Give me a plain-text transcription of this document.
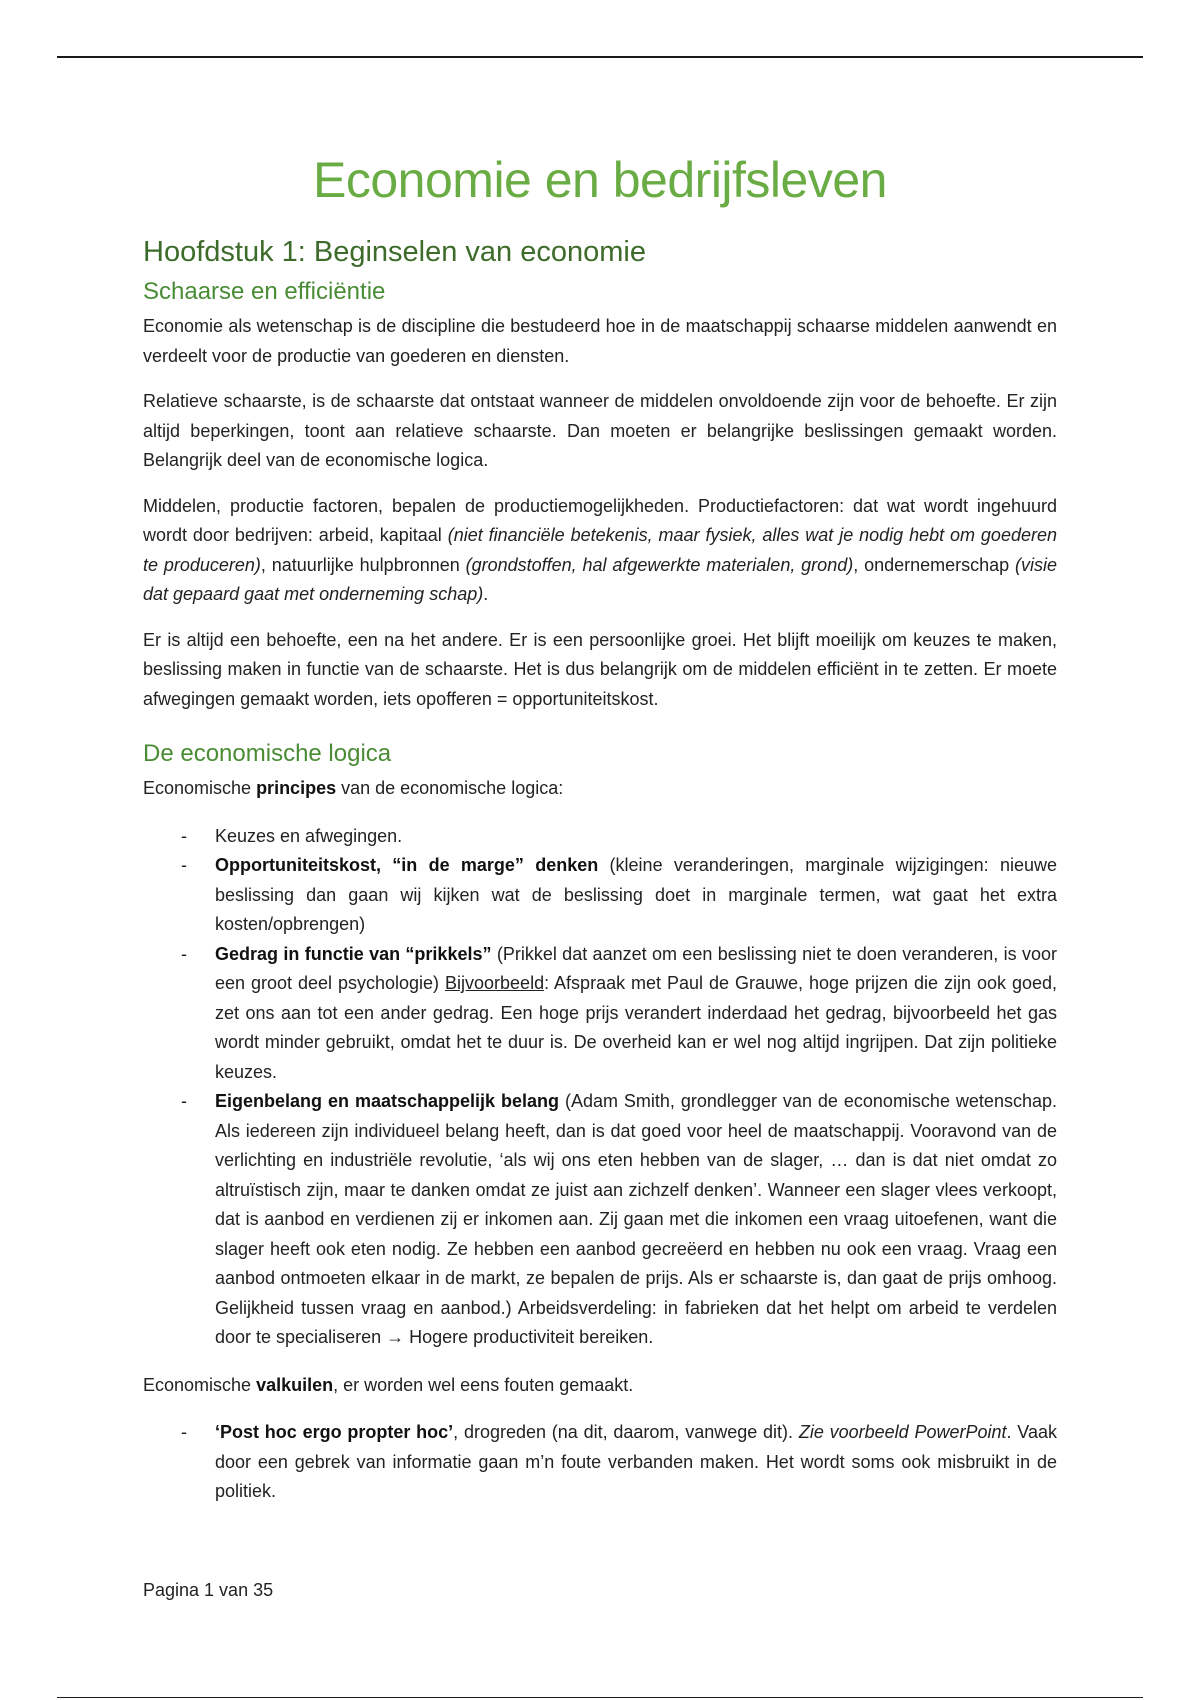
Economie en bedrijfsleven
Hoofdstuk 1: Beginselen van economie
Schaarse en efficiëntie

Economie als wetenschap is de discipline die bestudeerd hoe in de maatschappij schaarse middelen aanwendt en verdeelt voor de productie van goederen en diensten.

Relatieve schaarste, is de schaarste dat ontstaat wanneer de middelen onvoldoende zijn voor de behoefte. Er zijn altijd beperkingen, toont aan relatieve schaarste. Dan moeten er belangrijke beslissingen gemaakt worden. Belangrijk deel van de economische logica.

Middelen, productie factoren, bepalen de productiemogelijkheden. Productiefactoren: dat wat wordt ingehuurd wordt door bedrijven: arbeid, kapitaal (niet financiële betekenis, maar fysiek, alles wat je nodig hebt om goederen te produceren), natuurlijke hulpbronnen (grondstoffen, hal afgewerkte materialen, grond), ondernemerschap (visie dat gepaard gaat met onderneming schap).

Er is altijd een behoefte, een na het andere. Er is een persoonlijke groei. Het blijft moeilijk om keuzes te maken, beslissing maken in functie van de schaarste. Het is dus belangrijk om de middelen efficiënt in te zetten. Er moete afwegingen gemaakt worden, iets opofferen = opportuniteitskost.

De economische logica

Economische principes van de economische logica:

- Keuzes en afwegingen.
- Opportuniteitskost, “in de marge” denken (kleine veranderingen, marginale wijzigingen: nieuwe beslissing dan gaan wij kijken wat de beslissing doet in marginale termen, wat gaat het extra kosten/opbrengen)
- Gedrag in functie van “prikkels” (Prikkel dat aanzet om een beslissing niet te doen veranderen, is voor een groot deel psychologie) Bijvoorbeeld: Afspraak met Paul de Grauwe, hoge prijzen die zijn ook goed, zet ons aan tot een ander gedrag. Een hoge prijs verandert inderdaad het gedrag, bijvoorbeeld het gas wordt minder gebruikt, omdat het te duur is. De overheid kan er wel nog altijd ingrijpen. Dat zijn politieke keuzes.
- Eigenbelang en maatschappelijk belang (Adam Smith, grondlegger van de economische wetenschap. Als iedereen zijn individueel belang heeft, dan is dat goed voor heel de maatschappij. Vooravond van de verlichting en industriële revolutie, ‘als wij ons eten hebben van de slager, … dan is dat niet omdat zo altruïstisch zijn, maar te danken omdat ze juist aan zichzelf denken’. Wanneer een slager vlees verkoopt, dat is aanbod en verdienen zij er inkomen aan. Zij gaan met die inkomen een vraag uitoefenen, want die slager heeft ook eten nodig. Ze hebben een aanbod gecreëerd en hebben nu ook een vraag. Vraag een aanbod ontmoeten elkaar in de markt, ze bepalen de prijs. Als er schaarste is, dan gaat de prijs omhoog. Gelijkheid tussen vraag en aanbod.) Arbeidsverdeling: in fabrieken dat het helpt om arbeid te verdelen door te specialiseren → Hogere productiviteit bereiken.

Economische valkuilen, er worden wel eens fouten gemaakt.

- ‘Post hoc ergo propter hoc’, drogreden (na dit, daarom, vanwege dit). Zie voorbeeld PowerPoint. Vaak door een gebrek van informatie gaan m’n foute verbanden maken. Het wordt soms ook misbruikt in de politiek.
Pagina 1 van 35
